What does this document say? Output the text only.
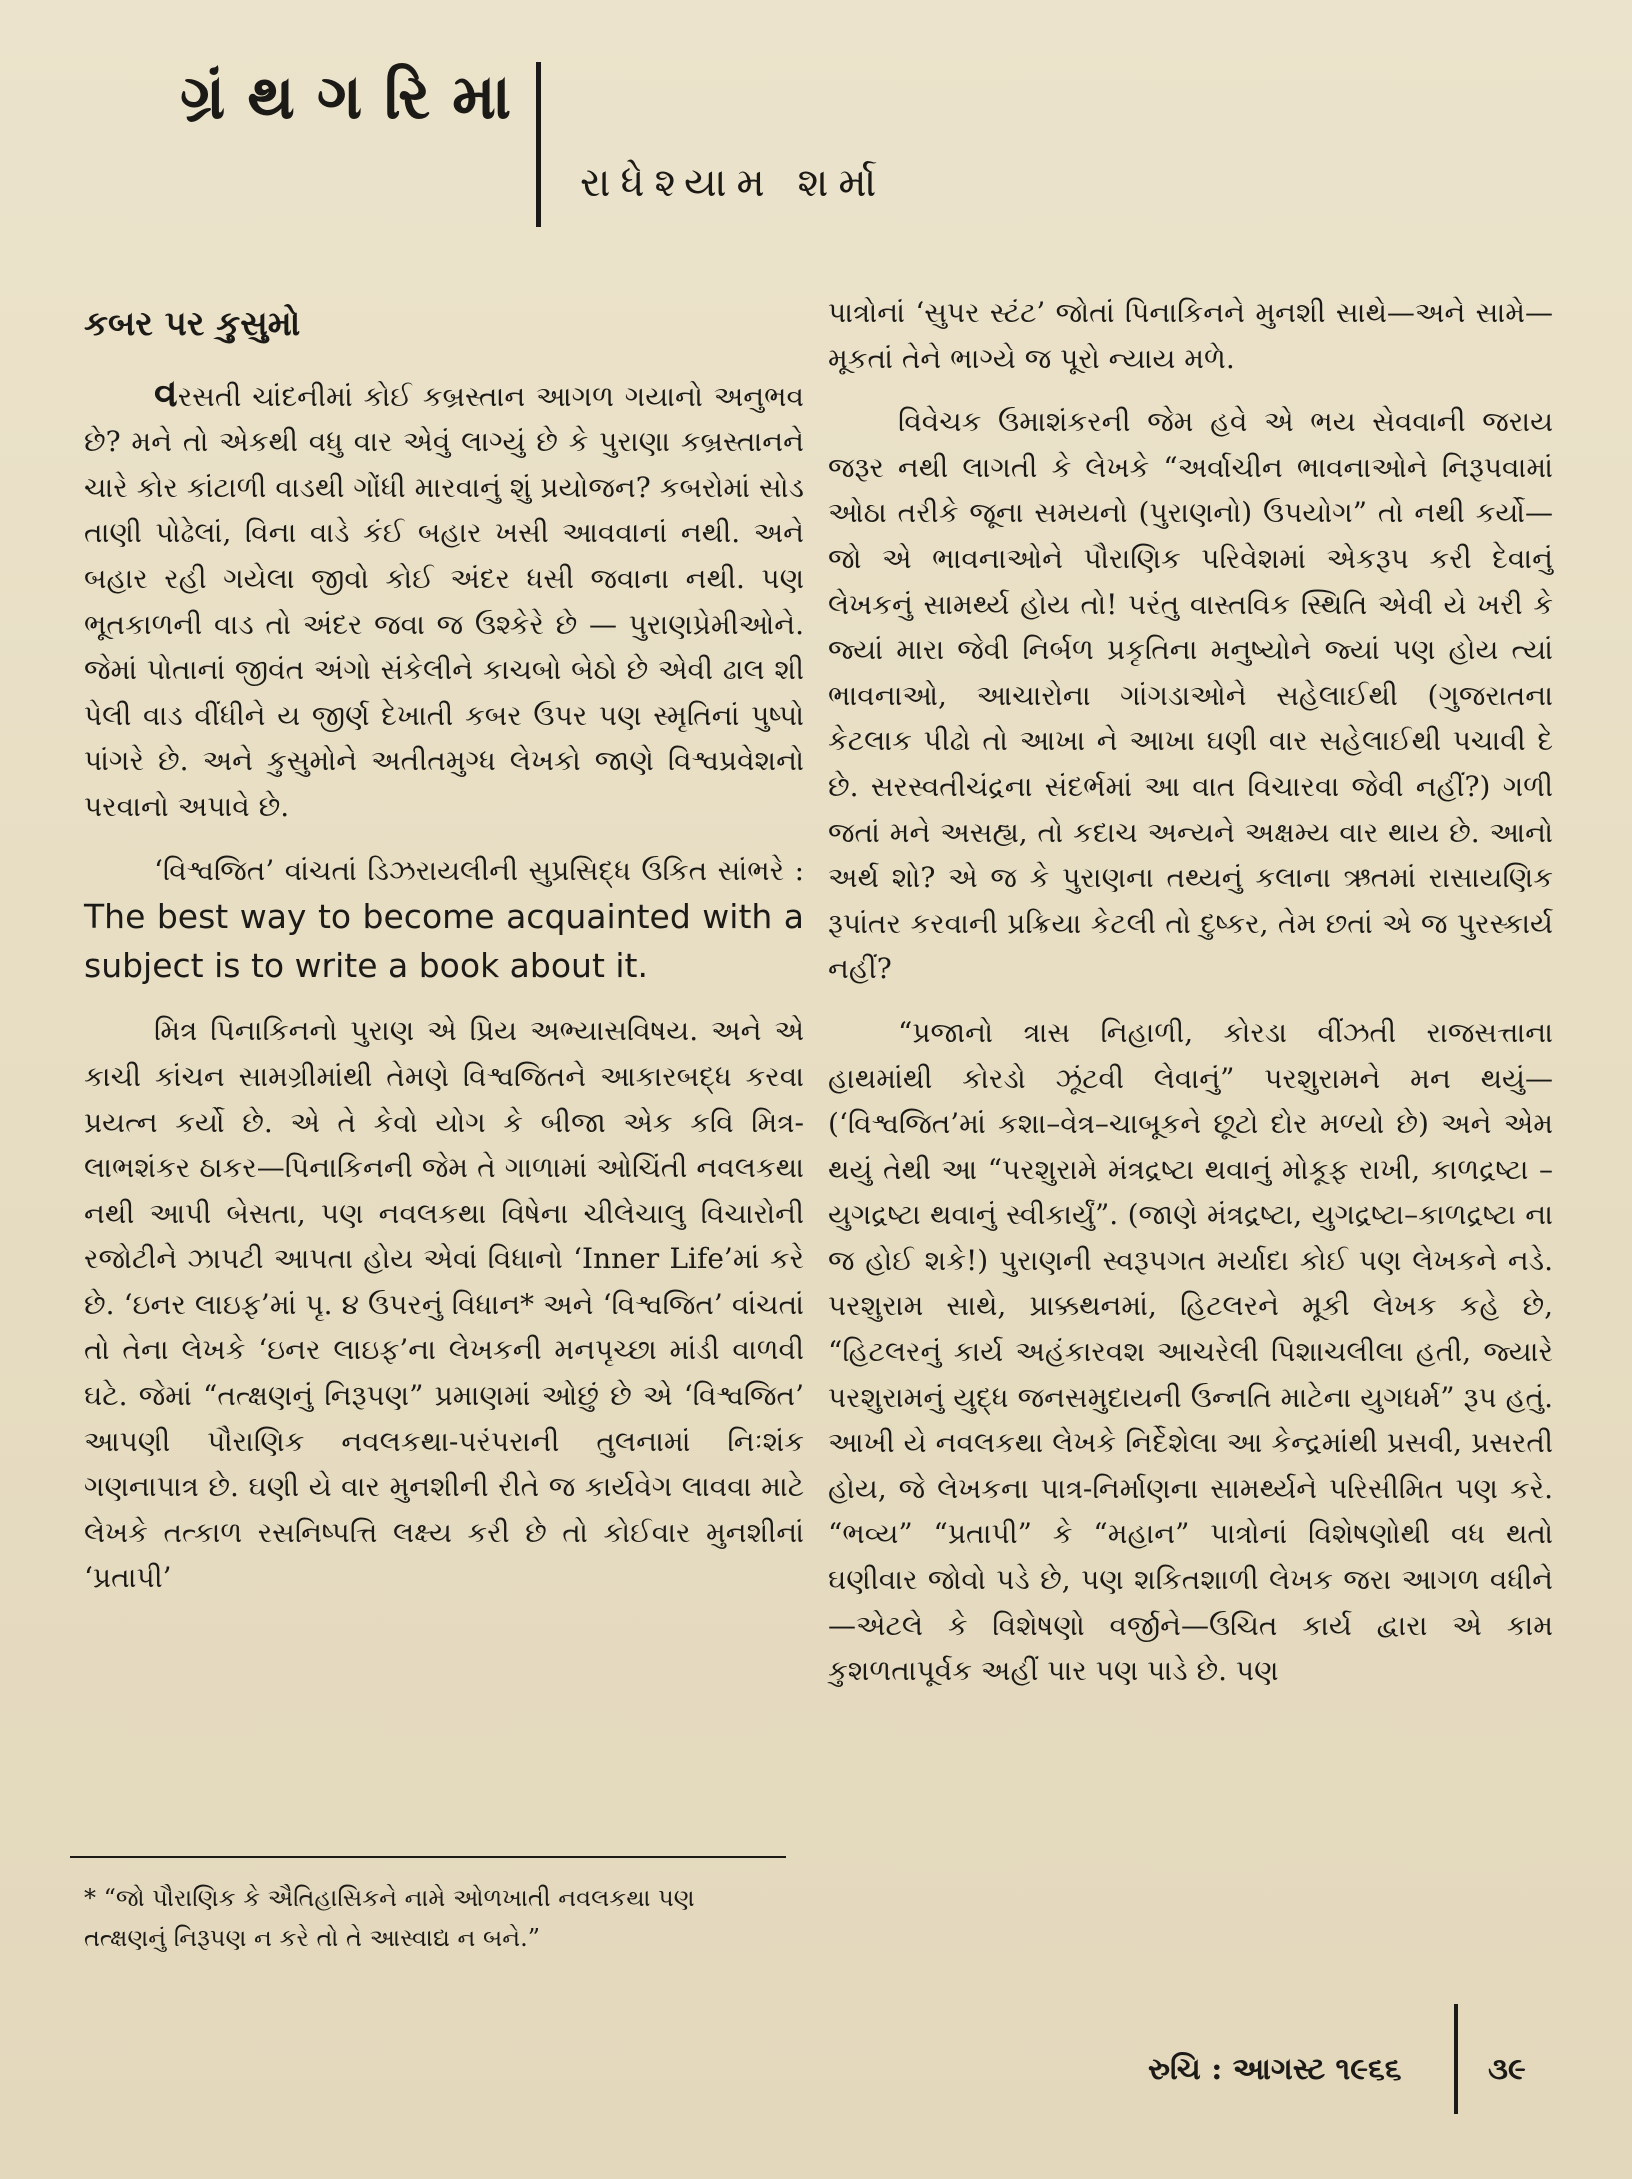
ગ્રંથગરિમા
રાધેશ્યામ શર્મા
કબર પર કુસુમો

વરસતી ચાંદનીમાં કોઈ કબ્રસ્તાન આગળ ગયાનો અનુભવ છે? મને તો એકથી વધુ વાર એવું લાગ્યું છે કે પુરાણા કબ્રસ્તાનને ચારે કોર કાંટાળી વાડથી ગોંધી મારવાનું શું પ્રયોજન? કબરોમાં સોડ તાણી પોઢેલાં, વિના વાડે કંઈ બહાર ખસી આવવાનાં નથી. અને બહાર રહી ગયેલા જીવો કોઈ અંદર ધસી જવાના નથી. પણ ભૂતકાળની વાડ તો અંદર જવા જ ઉશ્કેરે છે — પુરાણપ્રેમીઓને. જેમાં પોતાનાં જીવંત અંગો સંકેલીને કાચબો બેઠો છે એવી ઢાલ શી પેલી વાડ વીંધીને ય જીર્ણ દેખાતી કબર ઉપર પણ સ્મૃતિનાં પુષ્પો પાંગરે છે. અને કુસુમોને અતીતમુગ્ધ લેખકો જાણે વિશ્વપ્રવેશનો પરવાનો અપાવે છે.

‘વિશ્વજિત’ વાંચતાં ડિઝરાયલીની સુપ્રસિદ્ધ ઉકિત સાંભરે : The best way to become acquainted with a subject is to write a book about it.

મિત્ર પિનાકિનનો પુરાણ એ પ્રિય અભ્યાસવિષય. અને એ કાચી કાંચન સામગ્રીમાંથી તેમણે વિશ્વજિતને આકારબદ્ધ કરવા પ્રયત્ન કર્યો છે. એ તે કેવો યોગ કે બીજા એક કવિ મિત્ર-લાભશંકર ઠાકર—પિનાકિનની જેમ તે ગાળામાં ઓચિંતી નવલકથા નથી આપી બેસતા, પણ નવલકથા વિષેના ચીલેચાલુ વિચારોની રજોટીને ઝાપટી આપતા હોય એવાં વિધાનો ‘Inner Life’માં કરે છે. ‘ઇનર લાઇફ’માં પૃ. ૪ ઉપરનું વિધાન* અને ‘વિશ્વજિત’ વાંચતાં તો તેના લેખકે ‘ઇનર લાઇફ’ના લેખકની મનપૃચ્છા માંડી વાળવી ઘટે. જેમાં “તત્ક્ષણનું નિરૂપણ” પ્રમાણમાં ઓછું છે એ ‘વિશ્વજિત’ આપણી પૌરાણિક નવલકથા-પરંપરાની તુલનામાં નિઃશંક ગણનાપાત્ર છે. ઘણી યે વાર મુનશીની રીતે જ કાર્યવેગ લાવવા માટે લેખકે તત્કાળ રસનિષ્પત્તિ લક્ષ્ય કરી છે તો કોઈવાર મુનશીનાં ‘પ્રતાપી’

* “જો પૌરાણિક કે ઐતિહાસિકને નામે ઓળખાતી નવલકથા પણ તત્ક્ષણનું નિરૂપણ ન કરે તો તે આસ્વાદ્ય ન બને.”

પાત્રોનાં ‘સુપર સ્ટંટ’ જોતાં પિનાકિનને મુનશી સાથે—અને સામે—મૂકતાં તેને ભાગ્યે જ પૂરો ન્યાય મળે.

વિવેચક ઉમાશંકરની જેમ હવે એ ભય સેવવાની જરાય જરૂર નથી લાગતી કે લેખકે “અર્વાચીન ભાવનાઓને નિરૂપવામાં ઓઠા તરીકે જૂના સમયનો (પુરાણનો) ઉપયોગ” તો નથી કર્યો— જો એ ભાવનાઓને પૌરાણિક પરિવેશમાં એકરૂપ કરી દેવાનું લેખકનું સામર્થ્ય હોય તો! પરંતુ વાસ્તવિક સ્થિતિ એવી યે ખરી કે જ્યાં મારા જેવી નિર્બળ પ્રકૃતિના મનુષ્યોને જ્યાં પણ હોય ત્યાં ભાવનાઓ, આચારોના ગાંગડાઓને સહેલાઈથી (ગુજરાતના કેટલાક પીઢો તો આખા ને આખા ઘણી વાર સહેલાઈથી પચાવી દે છે. સરસ્વતીચંદ્રના સંદર્ભમાં આ વાત વિચારવા જેવી નહીં?) ગળી જતાં મને અસહ્ય, તો કદાચ અન્યને અક્ષમ્ય વાર થાય છે. આનો અર્થ શો? એ જ કે પુરાણના તથ્યનું કલાના ઋતમાં રાસાયણિક રૂપાંતર કરવાની પ્રક્રિયા કેટલી તો દુષ્કર, તેમ છતાં એ જ પુરસ્કાર્ય નહીં?

“પ્રજાનો ત્રાસ નિહાળી, કોરડા વીંઝતી રાજસત્તાના હાથમાંથી કોરડો ઝૂંટવી લેવાનું” પરશુરામને મન થયું—(‘વિશ્વજિત’માં કશા–વેત્ર–ચાબૂકને છૂટો દોર મળ્યો છે) અને એમ થયું તેથી આ “પરશુરામે મંત્રદ્રષ્ટા થવાનું મોકૂફ રાખી, કાળદ્રષ્ટા – યુગદ્રષ્ટા થવાનું સ્વીકાર્યું”. (જાણે મંત્રદ્રષ્ટા, યુગદ્રષ્ટા–કાળદ્રષ્ટા ના જ હોઈ શકે!) પુરાણની સ્વરૂપગત મર્યાદા કોઈ પણ લેખકને નડે. પરશુરામ સાથે, પ્રાક્કથનમાં, હિટલરને મૂકી લેખક કહે છે, “હિટલરનું કાર્ય અહંકારવશ આચરેલી પિશાચલીલા હતી, જ્યારે પરશુરામનું યુદ્ધ જનસમુદાયની ઉન્નતિ માટેના યુગધર્મ” રૂપ હતું. આખી યે નવલકથા લેખકે નિર્દેશેલા આ કેન્દ્રમાંથી પ્રસવી, પ્રસરતી હોય, જે લેખકના પાત્ર-નિર્માણના સામર્થ્યને પરિસીમિત પણ કરે. “ભવ્ય” “પ્રતાપી” કે “મહાન” પાત્રોનાં વિશેષણોથી વધ થતો ઘણીવાર જોવો પડે છે, પણ શકિતશાળી લેખક જરા આગળ વધીને—એટલે કે વિશેષણો વર્જીને—ઉચિત કાર્ય દ્વારા એ કામ કુશળતાપૂર્વક અહીં પાર પણ પાડે છે. પણ

રુચિ : આગસ્ટ ૧૯૬૬	૩૯
